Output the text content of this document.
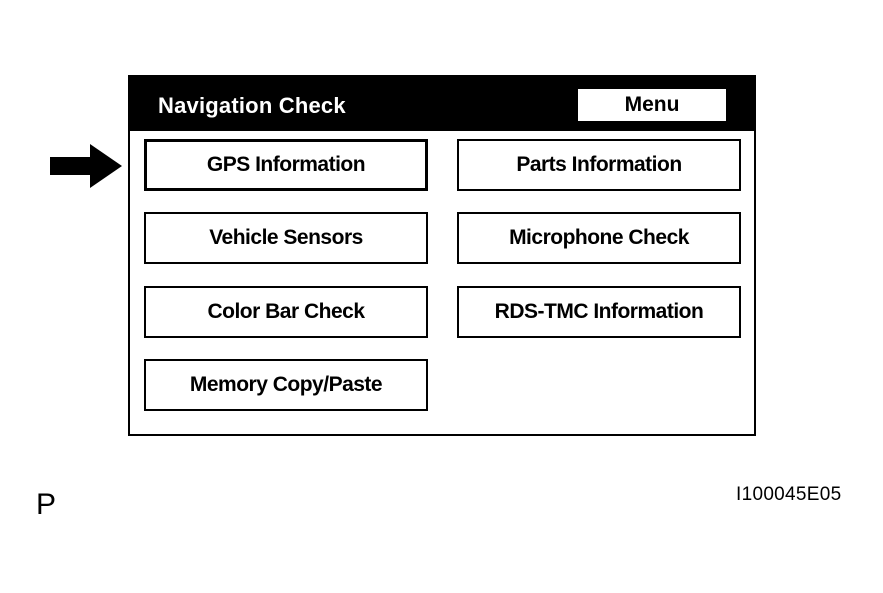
Navigation Check	Menu
GPS Information	Parts Information
Vehicle Sensors	Microphone Check
Color Bar Check	RDS-TMC Information
Memory Copy/Paste
P	I100045E05
